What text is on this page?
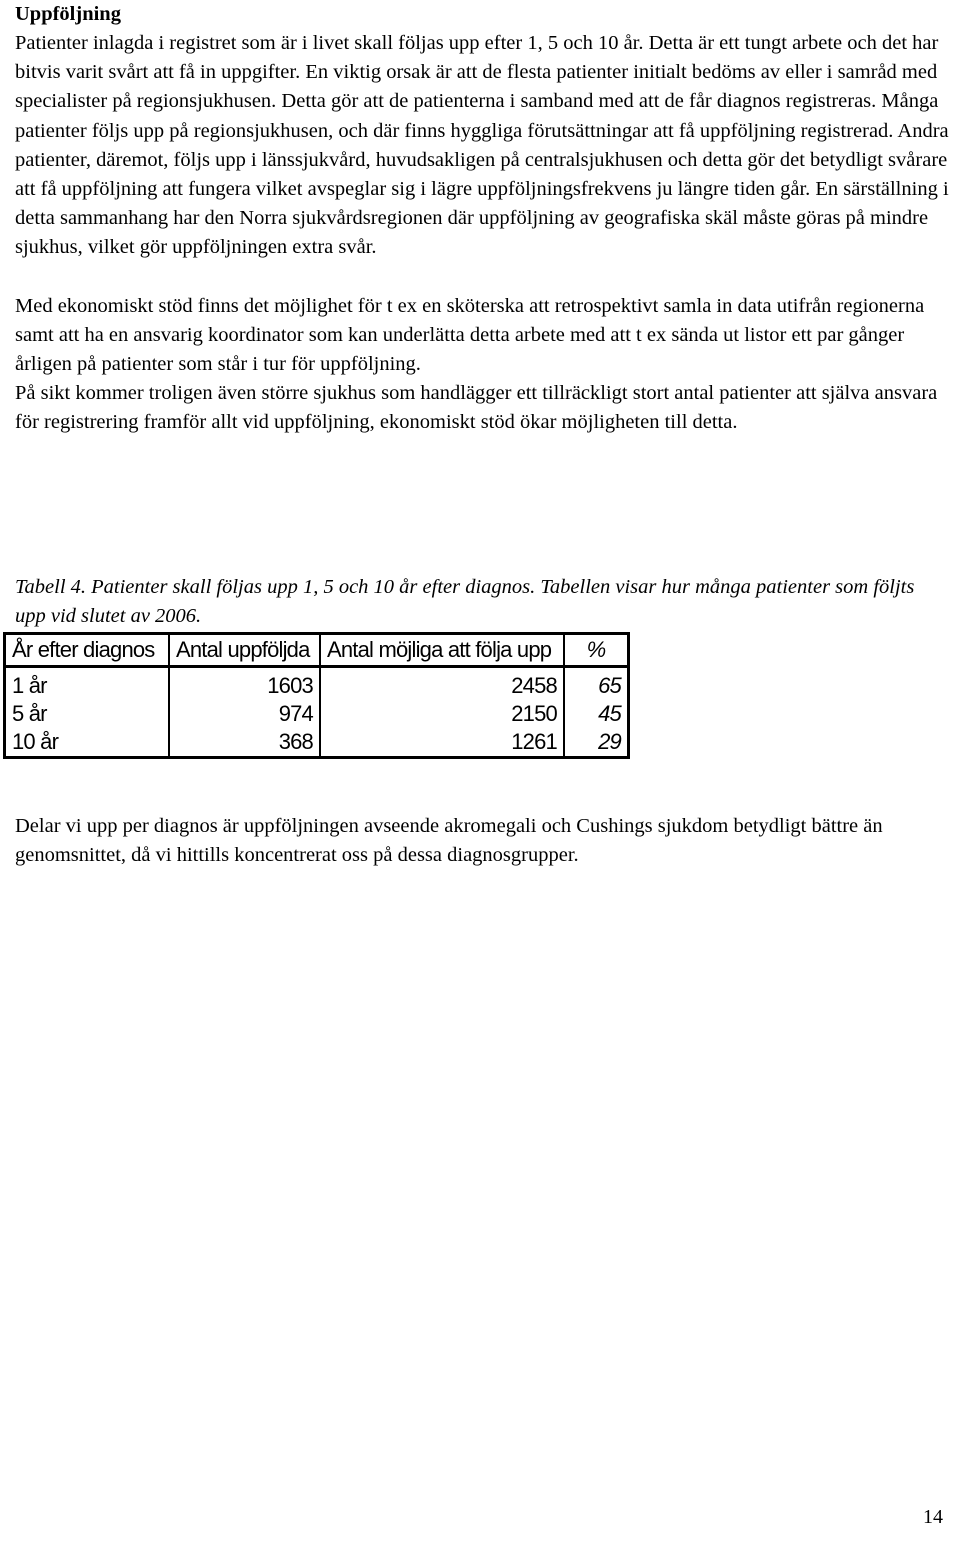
Uppföljning

Patienter inlagda i registret som är i livet skall följas upp efter 1, 5 och 10 år. Detta är ett tungt arbete och det har bitvis varit svårt att få in uppgifter. En viktig orsak är att de flesta patienter initialt bedöms av eller i samråd med specialister på regionsjukhusen. Detta gör att de patienterna i samband med att de får diagnos registreras. Många patienter följs upp på regionsjukhusen, och där finns hyggliga förutsättningar att få uppföljning registrerad. Andra patienter, däremot, följs upp i länssjukvård, huvudsakligen på centralsjukhusen och detta gör det betydligt svårare att få uppföljning att fungera vilket avspeglar sig i lägre uppföljningsfrekvens ju längre tiden går. En särställning i detta sammanhang har den Norra sjukvårdsregionen där uppföljning av geografiska skäl måste göras på mindre sjukhus, vilket gör uppföljningen extra svår.

Med ekonomiskt stöd finns det möjlighet för t ex en sköterska att retrospektivt samla in data utifrån regionerna samt att ha en ansvarig koordinator som kan underlätta detta arbete med att t ex sända ut listor ett par gånger årligen på patienter som står i tur för uppföljning.

På sikt kommer troligen även större sjukhus som handlägger ett tillräckligt stort antal patienter att själva ansvara för registrering framför allt vid uppföljning, ekonomiskt stöd ökar möjligheten till detta.

Tabell 4. Patienter skall följas upp 1, 5 och 10 år efter diagnos. Tabellen visar hur många patienter som följts upp vid slutet av 2006.

År efter diagnos	Antal uppföljda	Antal möjliga att följa upp	%

1 år	1603	2458	65
5 år	974	2150	45
10 år	368	1261	29

Delar vi upp per diagnos är uppföljningen avseende akromegali och Cushings sjukdom betydligt bättre än genomsnittet, då vi hittills koncentrerat oss på dessa diagnosgrupper.

14
